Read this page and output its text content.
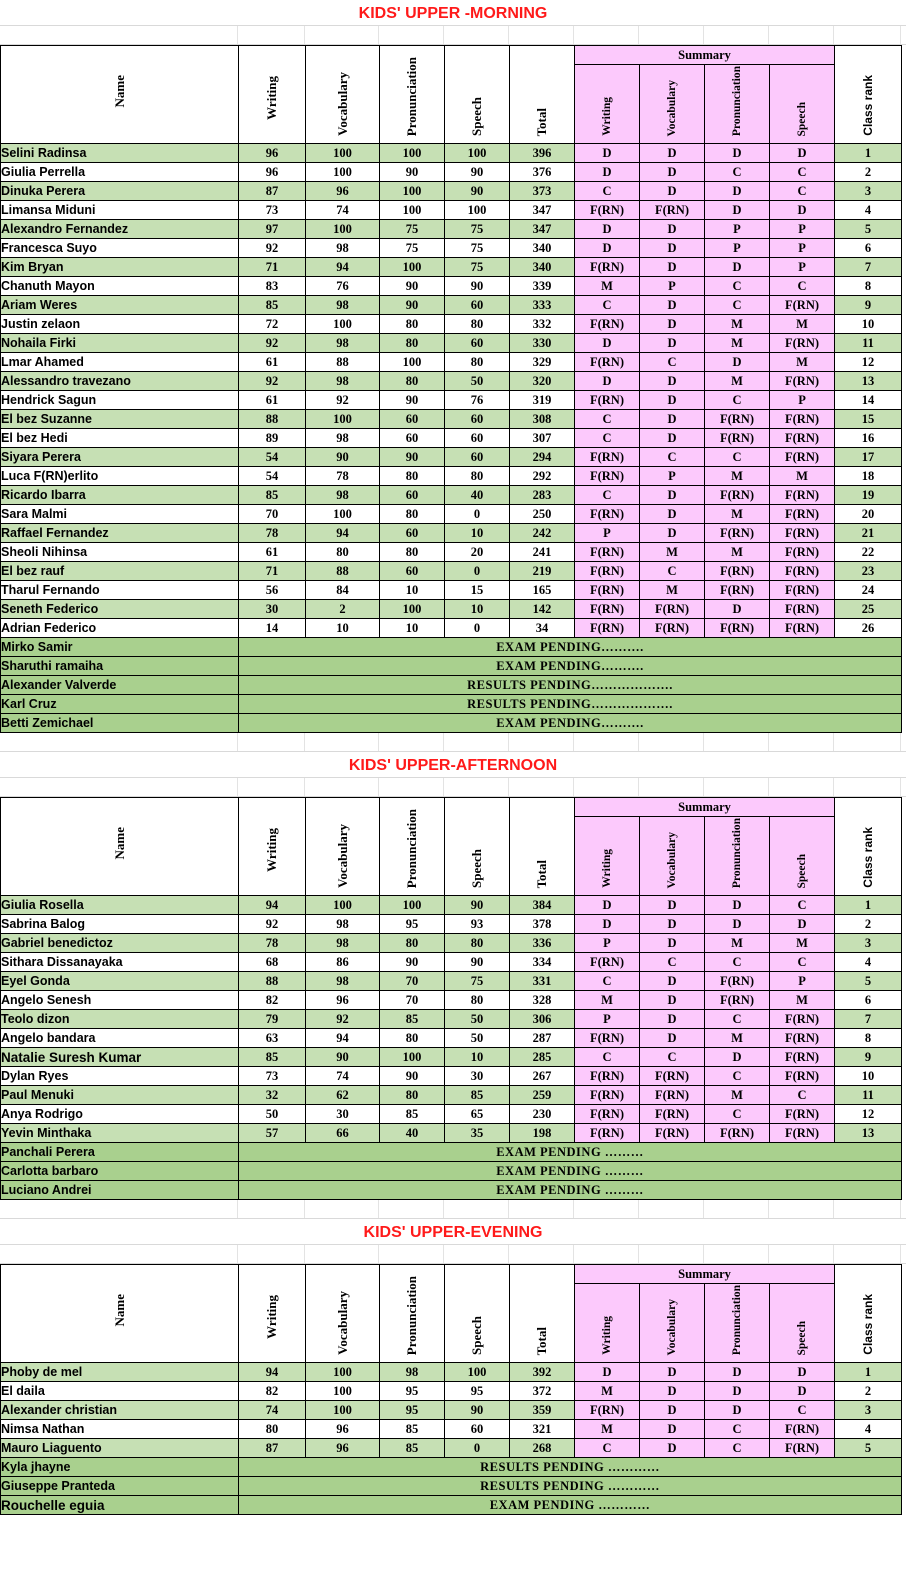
KIDS' UPPER -MORNING
Name	Writing	Vocabulary	Pronunciation	Speech	Total	Summary				Class rank
						Writing	Vocabulary	Pronunciation	Speech	
Selini Radinsa	96	100	100	100	396	D	D	D	D	1
Giulia Perrella	96	100	90	90	376	D	D	C	C	2
Dinuka Perera	87	96	100	90	373	C	D	D	C	3
Limansa Miduni	73	74	100	100	347	F(RN)	F(RN)	D	D	4
Alexandro Fernandez	97	100	75	75	347	D	D	P	P	5
Francesca Suyo	92	98	75	75	340	D	D	P	P	6
Kim Bryan	71	94	100	75	340	F(RN)	D	D	P	7
Chanuth Mayon	83	76	90	90	339	M	P	C	C	8
Ariam Weres	85	98	90	60	333	C	D	C	F(RN)	9
Justin zelaon	72	100	80	80	332	F(RN)	D	M	M	10
Nohaila Firki	92	98	80	60	330	D	D	M	F(RN)	11
Lmar Ahamed	61	88	100	80	329	F(RN)	C	D	M	12
Alessandro travezano	92	98	80	50	320	D	D	M	F(RN)	13
Hendrick Sagun	61	92	90	76	319	F(RN)	D	C	P	14
El bez Suzanne	88	100	60	60	308	C	D	F(RN)	F(RN)	15
El bez Hedi	89	98	60	60	307	C	D	F(RN)	F(RN)	16
Siyara Perera	54	90	90	60	294	F(RN)	C	C	F(RN)	17
Luca F(RN)erlito	54	78	80	80	292	F(RN)	P	M	M	18
Ricardo Ibarra	85	98	60	40	283	C	D	F(RN)	F(RN)	19
Sara Malmi	70	100	80	0	250	F(RN)	D	M	F(RN)	20
Raffael Fernandez	78	94	60	10	242	P	D	F(RN)	F(RN)	21
Sheoli Nihinsa	61	80	80	20	241	F(RN)	M	M	F(RN)	22
El bez rauf	71	88	60	0	219	F(RN)	C	F(RN)	F(RN)	23
Tharul Fernando	56	84	10	15	165	F(RN)	M	F(RN)	F(RN)	24
Seneth Federico	30	2	100	10	142	F(RN)	F(RN)	D	F(RN)	25
Adrian Federico	14	10	10	0	34	F(RN)	F(RN)	F(RN)	F(RN)	26
Mirko Samir	EXAM PENDING……….									
Sharuthi ramaiha	EXAM PENDING……….									
Alexander Valverde	RESULTS PENDING……………….									
Karl Cruz	RESULTS PENDING……………….									
Betti Zemichael	EXAM PENDING……….									
KIDS' UPPER-AFTERNOON
Name	Writing	Vocabulary	Pronunciation	Speech	Total	Summary				Class rank
						Writing	Vocabulary	Pronunciation	Speech	
Giulia Rosella	94	100	100	90	384	D	D	D	C	1
Sabrina Balog	92	98	95	93	378	D	D	D	D	2
Gabriel benedictoz	78	98	80	80	336	P	D	M	M	3
Sithara Dissanayaka	68	86	90	90	334	F(RN)	C	C	C	4
Eyel Gonda	88	98	70	75	331	C	D	F(RN)	P	5
Angelo Senesh	82	96	70	80	328	M	D	F(RN)	M	6
Teolo dizon	79	92	85	50	306	P	D	C	F(RN)	7
Angelo bandara	63	94	80	50	287	F(RN)	D	M	F(RN)	8
Natalie Suresh Kumar	85	90	100	10	285	C	C	D	F(RN)	9
Dylan Ryes	73	74	90	30	267	F(RN)	F(RN)	C	F(RN)	10
Paul Menuki	32	62	80	85	259	F(RN)	F(RN)	M	C	11
Anya Rodrigo	50	30	85	65	230	F(RN)	F(RN)	C	F(RN)	12
Yevin Minthaka	57	66	40	35	198	F(RN)	F(RN)	F(RN)	F(RN)	13
Panchali Perera	EXAM PENDING ………									
Carlotta barbaro	EXAM PENDING ………									
Luciano Andrei	EXAM PENDING ………									
KIDS' UPPER-EVENING
Name	Writing	Vocabulary	Pronunciation	Speech	Total	Summary				Class rank
						Writing	Vocabulary	Pronunciation	Speech	
Phoby de mel	94	100	98	100	392	D	D	D	D	1
El daila	82	100	95	95	372	M	D	D	D	2
Alexander christian	74	100	95	90	359	F(RN)	D	D	C	3
Nimsa Nathan	80	96	85	60	321	M	D	C	F(RN)	4
Mauro Liaguento	87	96	85	0	268	C	D	C	F(RN)	5
Kyla jhayne	RESULTS PENDING …………									
Giuseppe Pranteda	RESULTS PENDING …………									
Rouchelle eguia	EXAM PENDING …………									
